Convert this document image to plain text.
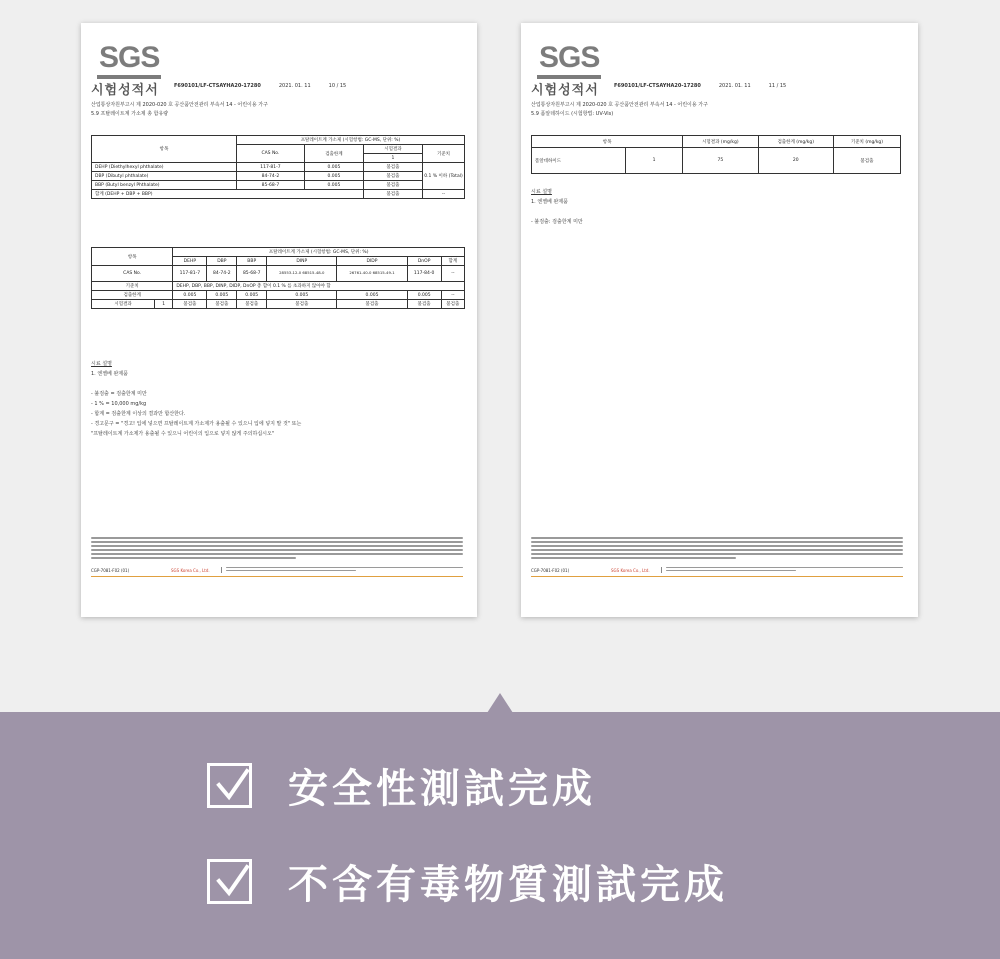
SGS
시험성적서	F690101/LF-CTSAYHA20-17280	2021. 01. 11	10 / 15
산업통상자원부고시 제 2020-020 호 공산품안전관리 부속서 14 - 어린이용 가구
5.9 프탈레이트계 가소제 총 함유량
항목	프탈레이트계 가소제 (시험항법: GC-MS, 단위: %)			
	CAS No.	검출한계	시험결과	기준치
			1	
DEHP (Diethylhexyl phthalate)	117-81-7	0.005	불검출	0.1 % 이하 (Total)
DBP (Dibutyl phthalate)	84-74-2	0.005	불검출	
BBP (Butyl benzyl Phthalate)	85-68-7	0.005	불검출	
합계 (DEHP + DBP + BBP)			불검출	--
항목		프탈레이트계 가소제 (시험항법: GC-MS, 단위: %)						
		DEHP	DBP	BBP	DINP	DIDP	DnOP	합계
CAS No.		117-81-7	84-74-2	85-68-7	28553-12-0 68515-48-0	26761-40-0 68515-49-1	117-84-0	--
기준치		DEHP, DBP, BBP, DINP, DIDP, DnOP 총 합이 0.1 % 를 초과하지 않아야 함						
검출한계		0.005	0.005	0.005	0.005	0.005	0.005	--
시험결과	1	불검출	불검출	불검출	불검출	불검출	불검출	불검출
시료 설명
1. 엔젤베 완제품

- 불검출 = 검출한계 미만
- 1 % = 10,000 mg/kg
- 합계 = 검출한계 이상의 결과만 합산한다.
- 경고문구 = "경고! 입에 넣으면 프탈레이트계 가소제가 용출될 수 있으니 입에 넣지 말 것" 또는
"프탈레이트계 가소제가 용출될 수 있으니 어린이의 입으로 넣지 않게 주의하십시오"
CGP-7081-F02 (01)	SGS Korea Co., Ltd.
SGS
시험성적서	F690101/LF-CTSAYHA20-17280	2021. 01. 11	11 / 15
산업통상자원부고시 제 2020-020 호 공산품안전관리 부속서 14 - 어린이용 가구
5.9 폼알데하이드 (시험항법: UV-Vis)
항목		시험결과 (mg/kg)	검출한계 (mg/kg)	기준치 (mg/kg)
폼알데하이드	1	75	20	불검출
시료 설명
1. 엔젤베 완제품

- 불검출: 검출한계 미만
CGP-7081-F02 (01)	SGS Korea Co., Ltd.
安全性測試完成
不含有毒物質測試完成
